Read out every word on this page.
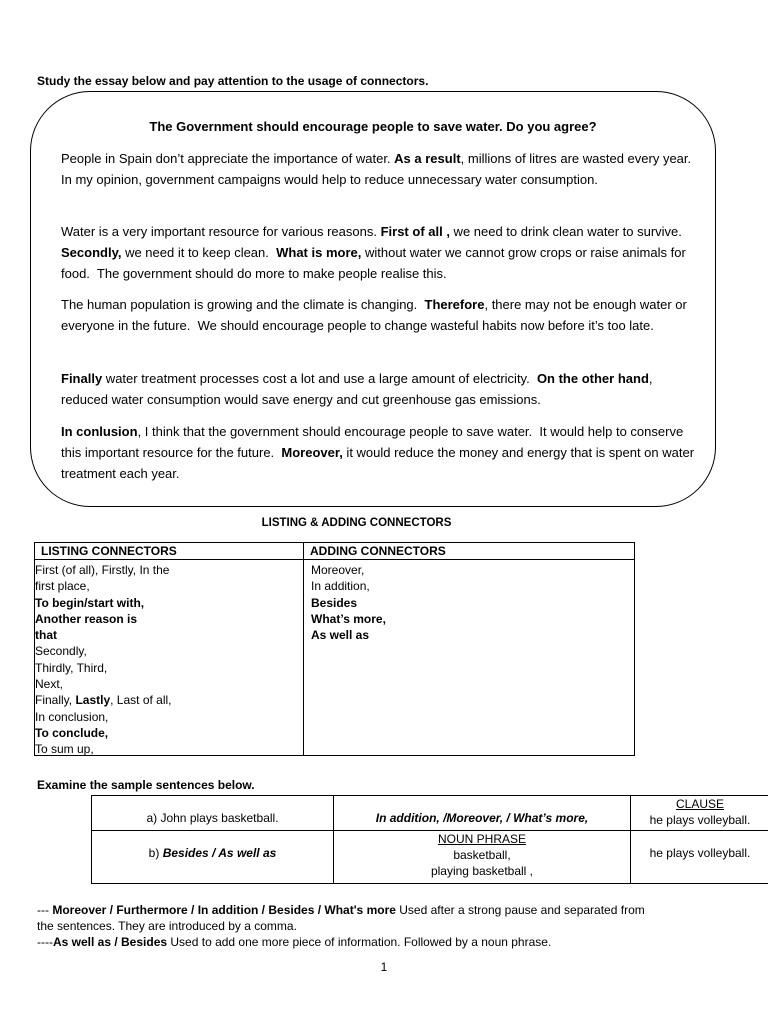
Study the essay below and pay attention to the usage of connectors.
The Government should encourage people to save water. Do you agree?
People in Spain don’t appreciate the importance of water. As a result, millions of litres are wasted every year.  In my opinion, government campaigns would help to reduce unnecessary water consumption.
Water is a very important resource for various reasons. First of all , we need to drink clean water to survive.  Secondly, we need it to keep clean.  What is more, without water we cannot grow crops or raise animals for food.  The government should do more to make people realise this.
The human population is growing and the climate is changing.  Therefore, there may not be enough water or everyone in the future.  We should encourage people to change wasteful habits now before it’s too late.
Finally water treatment processes cost a lot and use a large amount of electricity.  On the other hand, reduced water consumption would save energy and cut greenhouse gas emissions.
In conlusion, I think that the government should encourage people to save water.  It would help to conserve this important resource for the future.  Moreover, it would reduce the money and energy that is spent on water treatment each year.
LISTING & ADDING CONNECTORS
LISTING CONNECTORS	ADDING CONNECTORS
First (of all), Firstly, In the
first place,
To begin/start with,
Another reason is
that
Secondly,
Thirdly, Third,
Next,
Finally, Lastly, Last of all,
In conclusion,
To conclude,
To sum up,
Moreover,
In addition,
Besides
What’s more,
As well as
Examine the sample sentences below.
a) John plays basketball.	In addition, /Moreover, / What’s more,
CLAUSE
he plays volleyball.
b) Besides / As well as
NOUN PHRASE
basketball,
playing basketball ,
he plays volleyball.
--- Moreover / Furthermore / In addition / Besides / What's more Used after a strong pause and separated from the sentences. They are introduced by a comma.
----As well as / Besides Used to add one more piece of information. Followed by a noun phrase.
1
